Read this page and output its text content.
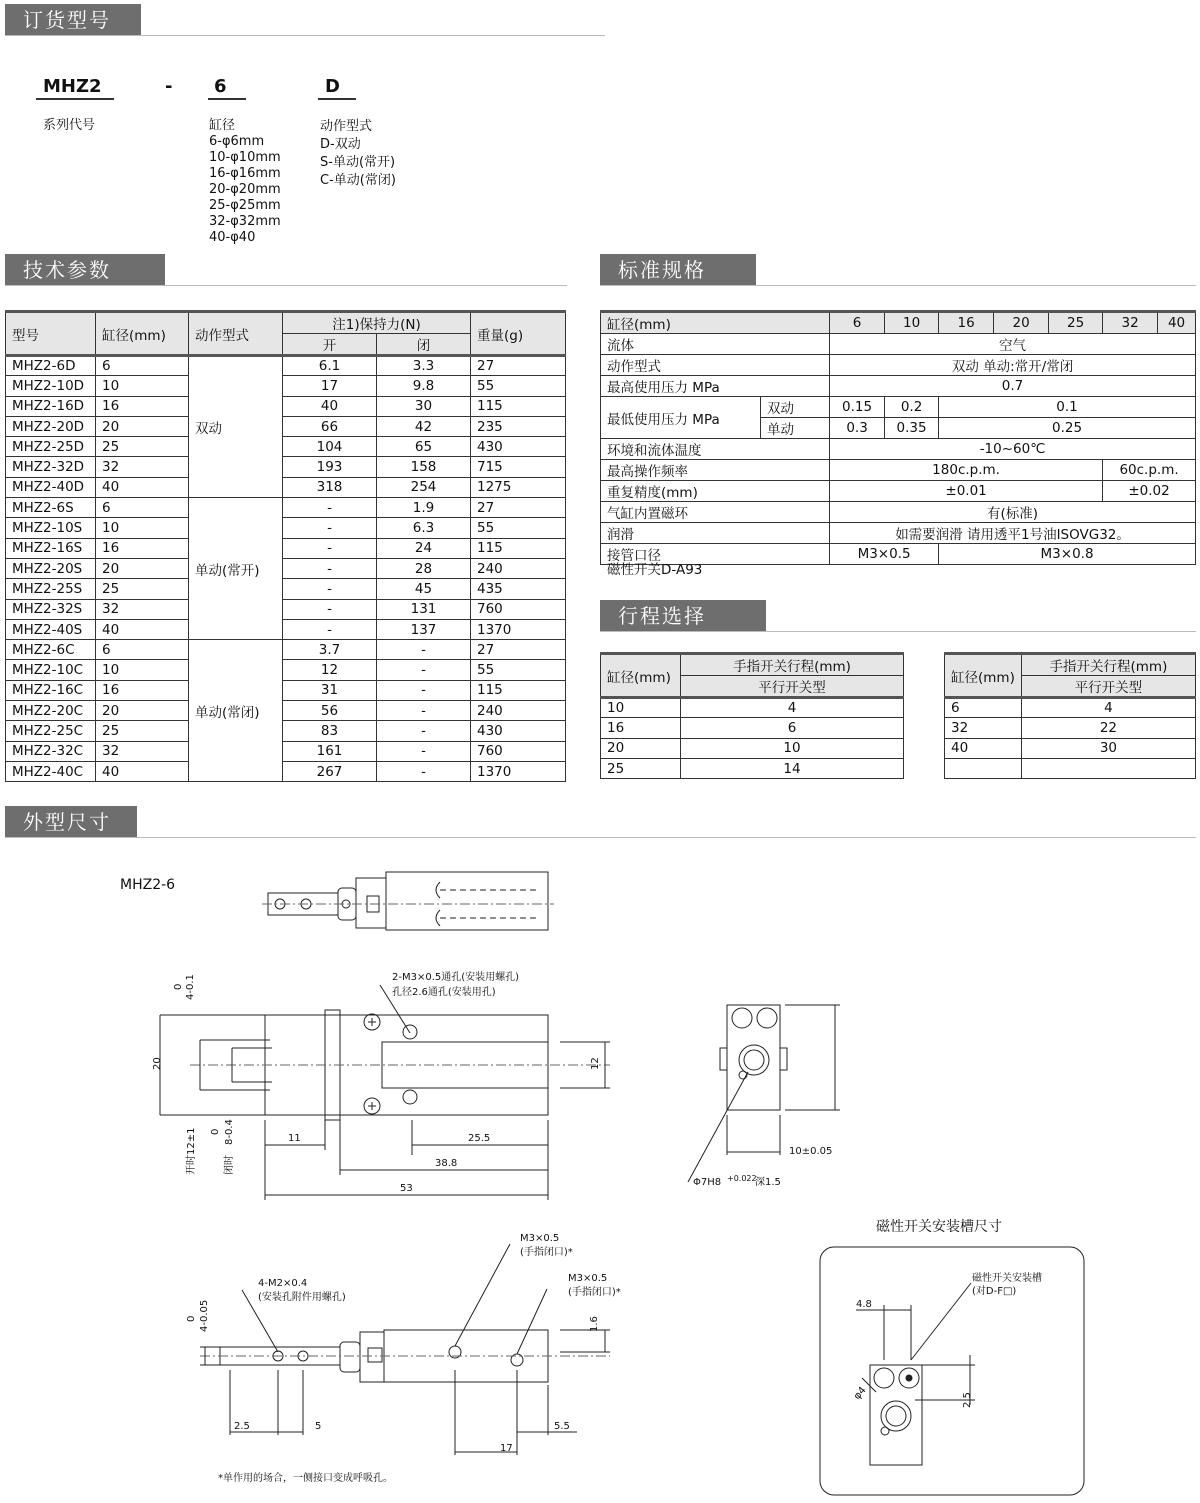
订货型号
技术参数	标准规格
行程选择
外型尺寸
MHZ2	- 6	D
系列代号	缸径
6-φ6mm
10-φ10mm
16-φ16mm
20-φ20mm
25-φ25mm
32-φ32mm
40-φ40
动作型式
D-双动
S-单动(常开)
C-单动(常闭)
型号	缸径(mm)	动作型式	注1)保持力(N)		重量(g)
			开	闭	
MHZ2-6D	6	双动	6.1	3.3	27
MHZ2-10D	10		17	9.8	55
MHZ2-16D	16		40	30	115
MHZ2-20D	20		66	42	235
MHZ2-25D	25		104	65	430
MHZ2-32D	32		193	158	715
MHZ2-40D	40		318	254	1275
MHZ2-6S	6	单动(常开)	-	1.9	27
MHZ2-10S	10		-	6.3	55
MHZ2-16S	16		-	24	115
MHZ2-20S	20		-	28	240
MHZ2-25S	25		-	45	435
MHZ2-32S	32		-	131	760
MHZ2-40S	40		-	137	1370
MHZ2-6C	6	单动(常闭)	3.7	-	27
MHZ2-10C	10		12	-	55
MHZ2-16C	16		31	-	115
MHZ2-20C	20		56	-	240
MHZ2-25C	25		83	-	430
MHZ2-32C	32		161	-	760
MHZ2-40C	40		267	-	1370
缸径(mm)		6	10	16	20	25	32	40
流体		空气						
动作型式		双动 单动:常开/常闭						
最高使用压力 MPa		0.7						
最低使用压力 MPa	双动	0.15	0.2	0.1				
	单动	0.3	0.35	0.25				
环境和流体温度		-10~60℃						
最高操作频率		180c.p.m.					60c.p.m.	
重复精度(mm)		±0.01					±0.02	
气缸内置磁环		有(标准)						
润滑		如需要润滑 请用透平1号油ISOVG32。						
接管口径		M3×0.5		M3×0.8				
磁性开关D-A93
缸径(mm)	手指开关行程(mm)
	平行开关型
10	4
16	6
20	10
25	14
缸径(mm)	手指开关行程(mm)
	平行开关型
6	4
32	22
40	30

MHZ2-6
2-M3×0.5通孔(安装用螺孔)
孔径2.6通孔(安装用孔)
20	12
0 4-0.1
0 8-0.4
开时12±1	闭时
11	25.5
38.8
53
10±0.05
Φ7H8 +0.022
深1.5
4-M2×0.4
(安装孔附件用螺孔)
M3×0.5
(手指闭口)*
M3×0.5
(手指闭口)*
0 4-0.05	1.6
2.5	5	5.5
17
*单作用的场合，一侧接口变成呼吸孔。
磁性开关安装槽尺寸
磁性开关安装槽
(对D-F□)
4.8
φ4	2.5
